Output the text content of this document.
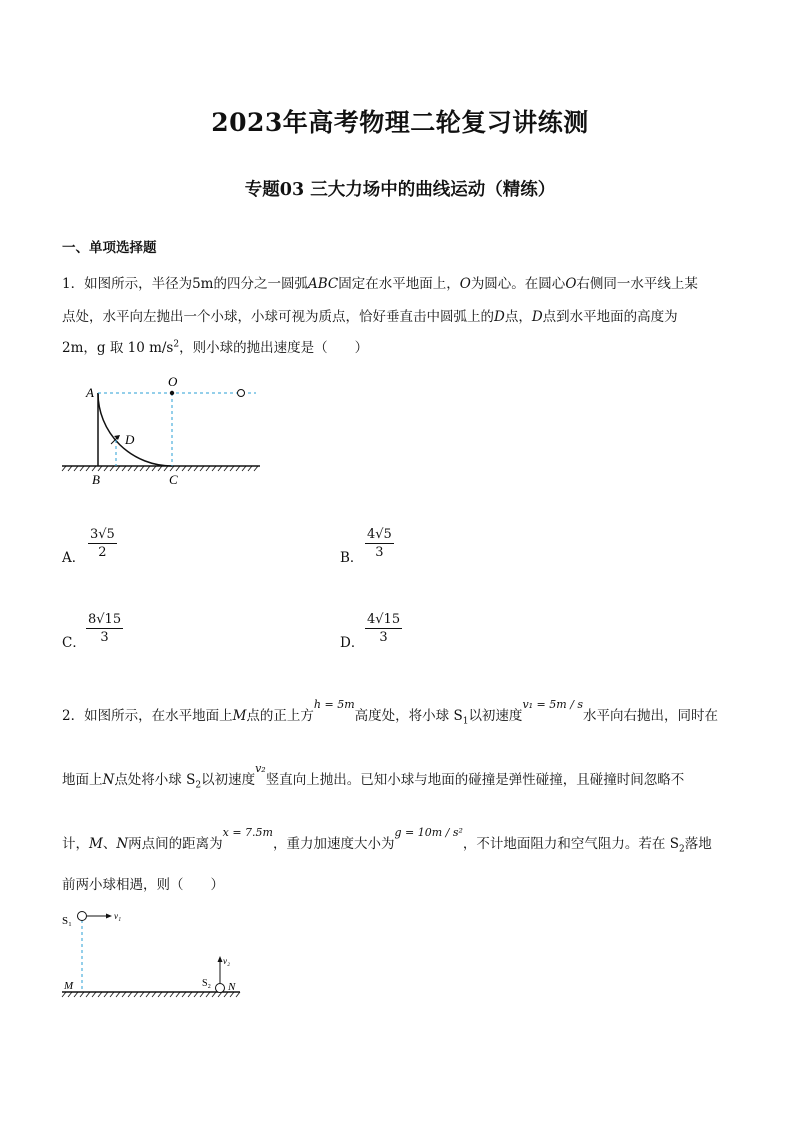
2023年高考物理二轮复习讲练测
专题03 三大力场中的曲线运动（精练）
一、单项选择题
1．如图所示，半径为5m的四分之一圆弧ABC固定在水平地面上，O为圆心。在圆心O右侧同一水平线上某
点处，水平向左抛出一个小球，小球可视为质点，恰好垂直击中圆弧上的D点，D点到水平地面的高度为
2m，g 取 10 $m/s^2$，则小球的抛出速度是（　　）
A
O
D
B	C
A． $\frac{3√5}{2}$	B． $\frac{4√5}{3}$
C． $\frac{8√15}{3}$	D． $\frac{4√15}{3}$
2．如图所示，在水平地面上M点的正上方$^{h = 5m}$高度处，将小球 $S_1$以初速度$^{v_1 = 5m / s}$水平向右抛出，同时在
地面上N点处将小球 $S_2$以初速度$^{v_2}$竖直向上抛出。已知小球与地面的碰撞是弹性碰撞，且碰撞时间忽略不
计，M、N两点间的距离为$^{x = 7.5m}$，重力加速度大小为$^{g = 10m / s^2}$，不计地面阻力和空气阻力。若在 $S_2$落地
前两小球相遇，则（　　）
S₁	v₁
v₂
S₂
M	N
